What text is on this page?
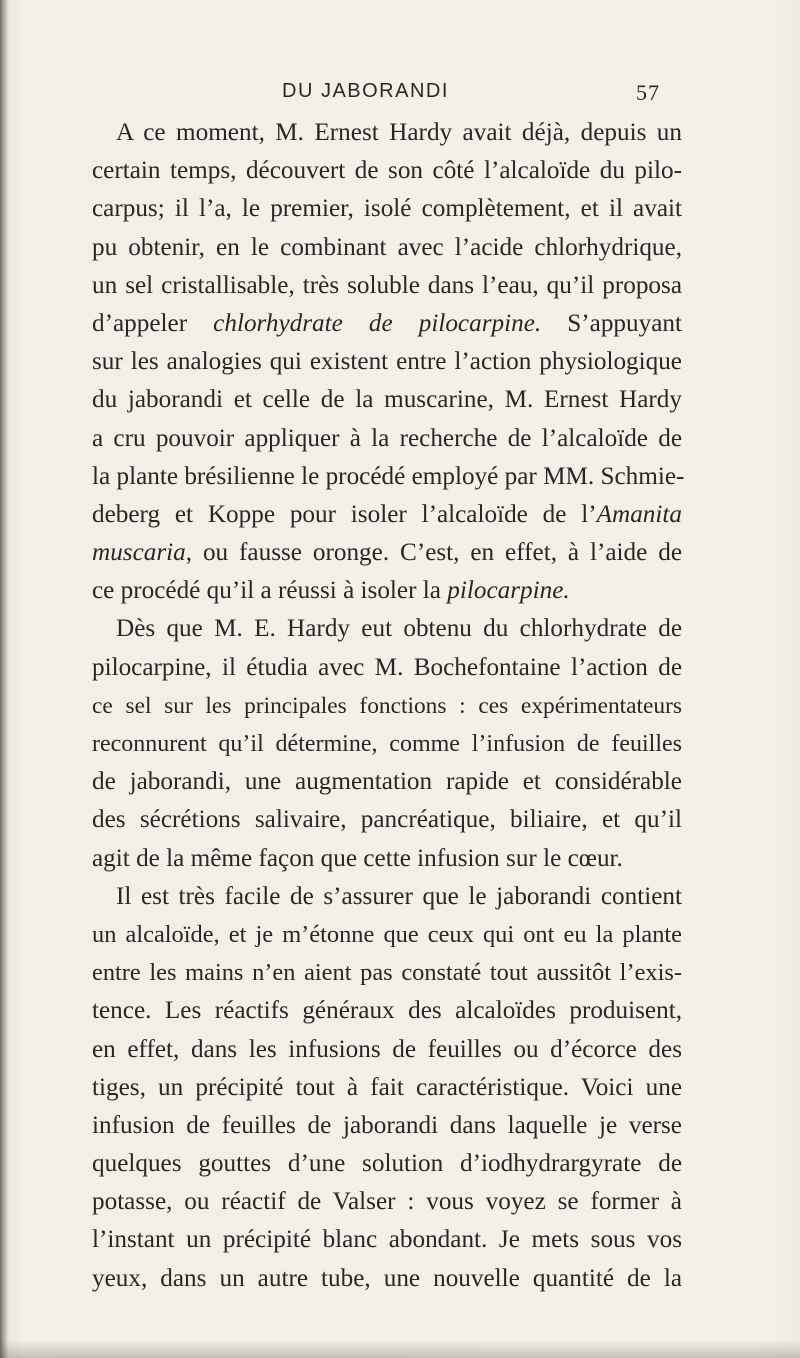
DU JABORANDI	57
A ce moment, M. Ernest Hardy avait déjà, depuis un
certain temps, découvert de son côté l’alcaloïde du pilo-
carpus; il l’a, le premier, isolé complètement, et il avait
pu obtenir, en le combinant avec l’acide chlorhydrique,
un sel cristallisable, très soluble dans l’eau, qu’il proposa
d’appeler chlorhydrate de pilocarpine. S’appuyant
sur les analogies qui existent entre l’action physiologique
du jaborandi et celle de la muscarine, M. Ernest Hardy
a cru pouvoir appliquer à la recherche de l’alcaloïde de
la plante brésilienne le procédé employé par MM. Schmie-
deberg et Koppe pour isoler l’alcaloïde de l’Amanita
muscaria, ou fausse oronge. C’est, en effet, à l’aide de
ce procédé qu’il a réussi à isoler la pilocarpine.
Dès que M. E. Hardy eut obtenu du chlorhydrate de
pilocarpine, il étudia avec M. Bochefontaine l’action de
ce sel sur les principales fonctions : ces expérimentateurs
reconnurent qu’il détermine, comme l’infusion de feuilles
de jaborandi, une augmentation rapide et considérable
des sécrétions salivaire, pancréatique, biliaire, et qu’il
agit de la même façon que cette infusion sur le cœur.
Il est très facile de s’assurer que le jaborandi contient
un alcaloïde, et je m’étonne que ceux qui ont eu la plante
entre les mains n’en aient pas constaté tout aussitôt l’exis-
tence. Les réactifs généraux des alcaloïdes produisent,
en effet, dans les infusions de feuilles ou d’écorce des
tiges, un précipité tout à fait caractéristique. Voici une
infusion de feuilles de jaborandi dans laquelle je verse
quelques gouttes d’une solution d’iodhydrargyrate de
potasse, ou réactif de Valser : vous voyez se former à
l’instant un précipité blanc abondant. Je mets sous vos
yeux, dans un autre tube, une nouvelle quantité de la
